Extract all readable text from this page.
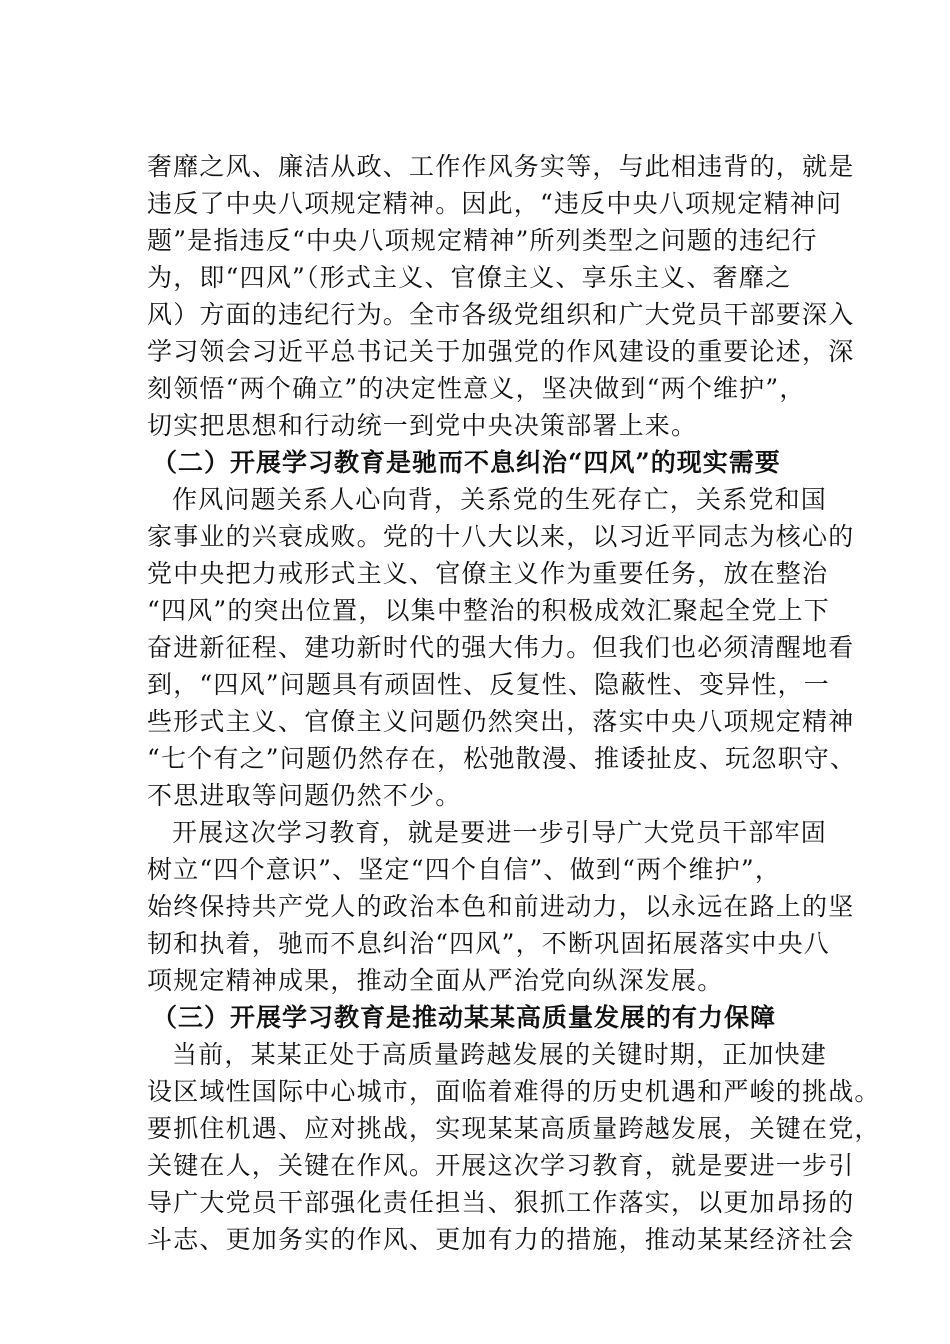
奢靡之风、廉洁从政、工作作风务实等，与此相违背的，就是
违反了中央八项规定精神。因此，“违反中央八项规定精神问
题”是指违反“中央八项规定精神”所列类型之问题的违纪行
为，即“四风”（形式主义、官僚主义、享乐主义、奢靡之
风）方面的违纪行为。全市各级党组织和广大党员干部要深入
学习领会习近平总书记关于加强党的作风建设的重要论述，深
刻领悟“两个确立”的决定性意义，坚决做到“两个维护”，
切实把思想和行动统一到党中央决策部署上来。
（二）开展学习教育是驰而不息纠治“四风”的现实需要
作风问题关系人心向背，关系党的生死存亡，关系党和国
家事业的兴衰成败。党的十八大以来，以习近平同志为核心的
党中央把力戒形式主义、官僚主义作为重要任务，放在整治
“四风”的突出位置，以集中整治的积极成效汇聚起全党上下
奋进新征程、建功新时代的强大伟力。但我们也必须清醒地看
到，“四风”问题具有顽固性、反复性、隐蔽性、变异性，一
些形式主义、官僚主义问题仍然突出，落实中央八项规定精神
“七个有之”问题仍然存在，松弛散漫、推诿扯皮、玩忽职守、
不思进取等问题仍然不少。
开展这次学习教育，就是要进一步引导广大党员干部牢固
树立“四个意识”、坚定“四个自信”、做到“两个维护”，
始终保持共产党人的政治本色和前进动力，以永远在路上的坚
韧和执着，驰而不息纠治“四风”，不断巩固拓展落实中央八
项规定精神成果，推动全面从严治党向纵深发展。
（三）开展学习教育是推动某某高质量发展的有力保障
当前，某某正处于高质量跨越发展的关键时期，正加快建
设区域性国际中心城市，面临着难得的历史机遇和严峻的挑战。
要抓住机遇、应对挑战，实现某某高质量跨越发展，关键在党，
关键在人，关键在作风。开展这次学习教育，就是要进一步引
导广大党员干部强化责任担当、狠抓工作落实，以更加昂扬的
斗志、更加务实的作风、更加有力的措施，推动某某经济社会
